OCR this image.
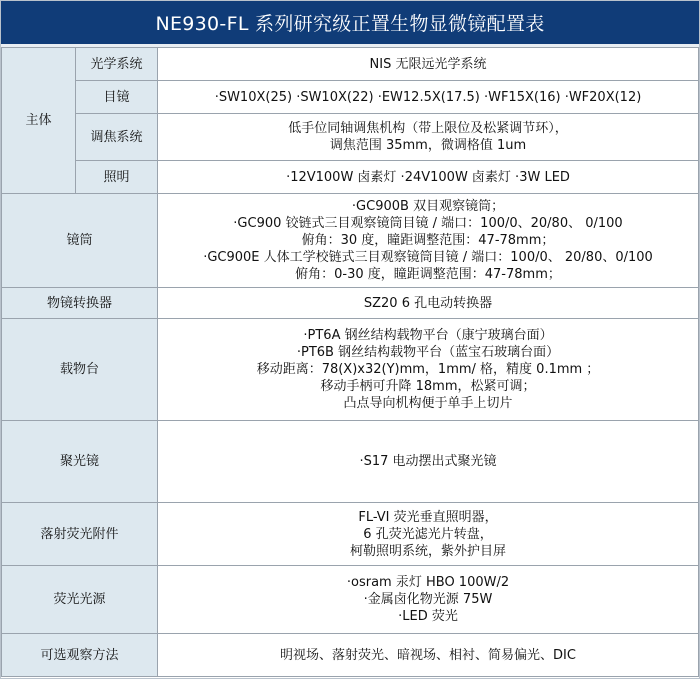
NE930-FL 系列研究级正置生物显微镜配置表
主体	光学系统	NIS 无限远光学系统
	目镜	·SW10X(25) ·SW10X(22) ·EW12.5X(17.5) ·WF15X(16) ·WF20X(12)
	调焦系统	低手位同轴调焦机构（带上限位及松紧调节环），
调焦范围 35mm，微调格值 1um

	照明	·12V100W 卤素灯 ·24V100W 卤素灯 ·3W LED
镜筒		·GC900B 双目观察镜筒；
·GC900 铰链式三目观察镜筒目镜 / 端口：100/0、20/80、 0/100
俯角：30 度，瞳距调整范围：47-78mm；
·GC900E 人体工学校链式三目观察镜筒目镜 / 端口：100/0、 20/80、0/100
俯角：0-30 度，瞳距调整范围：47-78mm；

物镜转换器		SZ20 6 孔电动转换器
载物台		·PT6A 钢丝结构载物平台（康宁玻璃台面）
·PT6B 钢丝结构载物平台（蓝宝石玻璃台面）
移动距离：78(X)x32(Y)mm，1mm/ 格，精度 0.1mm ；
移动手柄可升降 18mm，松紧可调；
凸点导向机构便于单手上切片

聚光镜		·S17 电动摆出式聚光镜
落射荧光附件		FL-VI 荧光垂直照明器，
6 孔荧光滤光片转盘，
柯勒照明系统，紫外护目屏

荧光光源		·osram 汞灯 HBO 100W/2
·金属卤化物光源 75W
·LED 荧光

可选观察方法		明视场、落射荧光、暗视场、相衬、简易偏光、DIC
